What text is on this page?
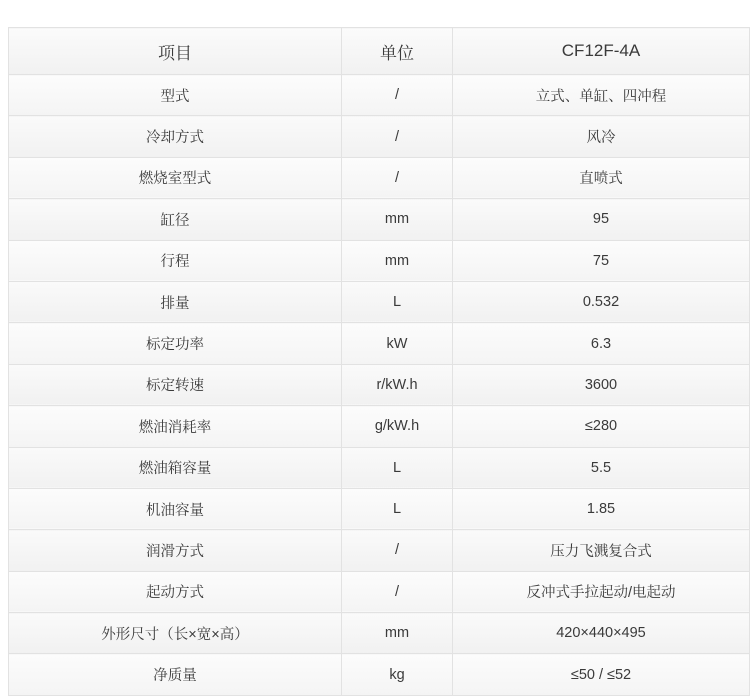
项目	单位	CF12F-4A
型式	/	立式、单缸、四冲程
冷却方式	/	风冷
燃烧室型式	/	直喷式
缸径	mm	95
行程	mm	75
排量	L	0.532
标定功率	kW	6.3
标定转速	r/kW.h	3600
燃油消耗率	g/kW.h	≤280
燃油箱容量	L	5.5
机油容量	L	1.85
润滑方式	/	压力飞溅复合式
起动方式	/	反冲式手拉起动/电起动
外形尺寸（长×宽×高）	mm	420×440×495
净质量	kg	≤50 / ≤52
